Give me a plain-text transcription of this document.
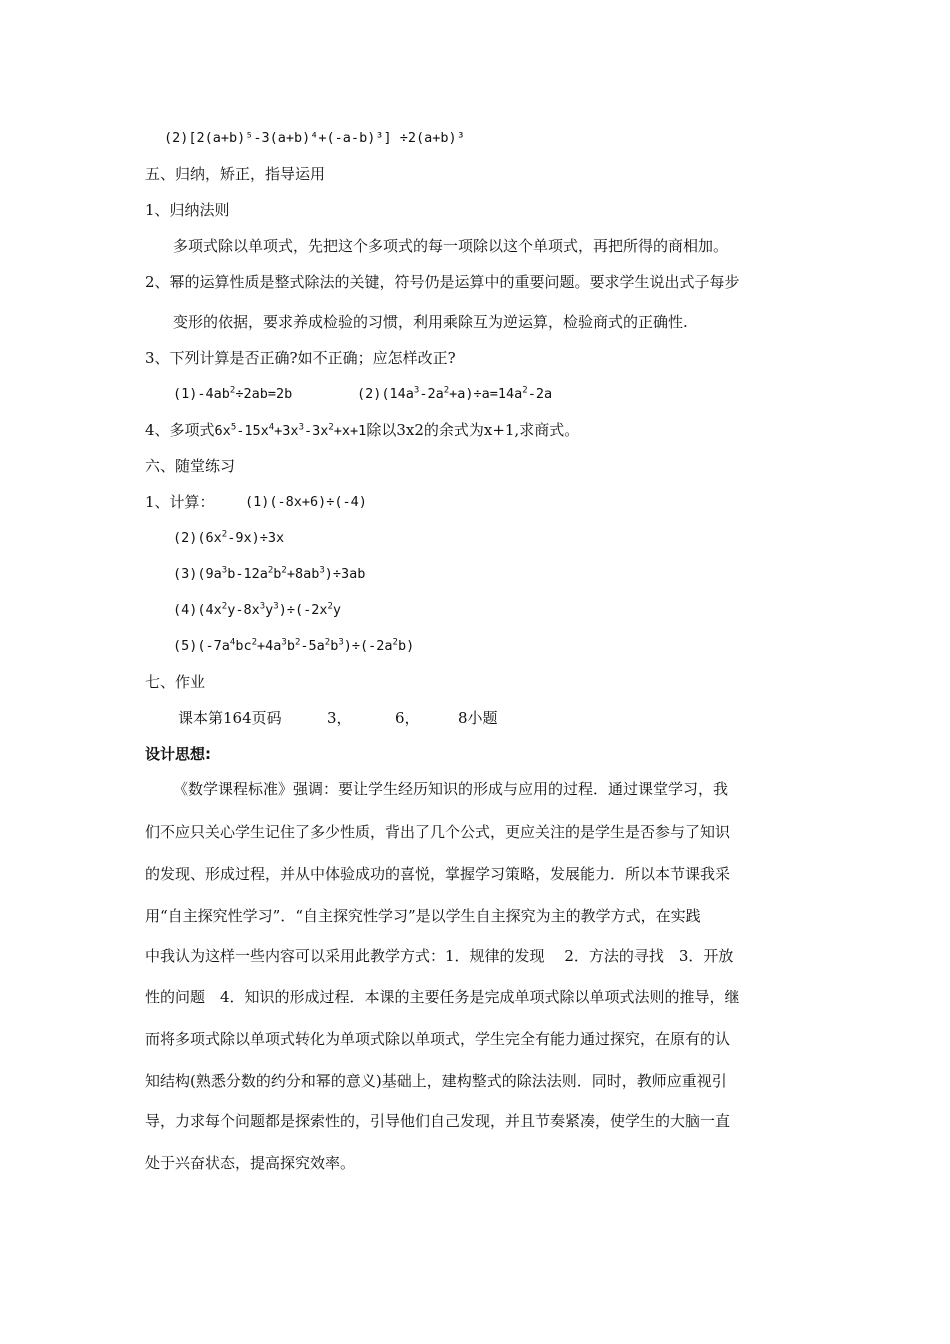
(2)[2(a+b)⁵-3(a+b)⁴+(-a-b)³] ÷2(a+b)³
五、归纳，矫正，指导运用
1、归纳法则
多项式除以单项式，先把这个多项式的每一项除以这个单项式，再把所得的商相加。
2、幂的运算性质是整式除法的关键，符号仍是运算中的重要问题。要求学生说出式子每步
变形的依据，要求养成检验的习惯，利用乘除互为逆运算，检验商式的正确性.
3、下列计算是否正确?如不正确；应怎样改正?
$(1)-4ab^2\div 2ab=2b$	$(2)(14a^3-2a^2+a)\div a=14a^2-2a$
4、多项式$6x^5-15x^4+3x^3-3x^2+x+1$除以3x2的余式为x+1,求商式。
六、随堂练习
1、计算： (1)(-8x+6)÷(-4)
$(2)(6x^2-9x)\div 3x$
$(3)(9a^3b-12a^2b^2+8ab^3)\div 3ab$
$(4)(4x^2y-8x^3y^3)\div(-2x^2y$
$(5)(-7a^4bc^2+4a^3b^2-5a^2b^3)\div(-2a^2b)$
七、作业
课本第164页码	3，	6，	8小题
设计思想:
《数学课程标准》强调：要让学生经历知识的形成与应用的过程．通过课堂学习，我
们不应只关心学生记住了多少性质，背出了几个公式，更应关注的是学生是否参与了知识
的发现、形成过程，并从中体验成功的喜悦，掌握学习策略，发展能力．所以本节课我采
用“自主探究性学习”．“自主探究性学习”是以学生自主探究为主的教学方式，在实践
中我认为这样一些内容可以采用此教学方式：1．规律的发现　 2．方法的寻找　3．开放
性的问题　4．知识的形成过程．本课的主要任务是完成单项式除以单项式法则的推导，继
而将多项式除以单项式转化为单项式除以单项式，学生完全有能力通过探究，在原有的认
知结构(熟悉分数的约分和幂的意义)基础上，建构整式的除法法则．同时，教师应重视引
导，力求每个问题都是探索性的，引导他们自己发现，并且节奏紧凑，使学生的大脑一直
处于兴奋状态，提高探究效率。
